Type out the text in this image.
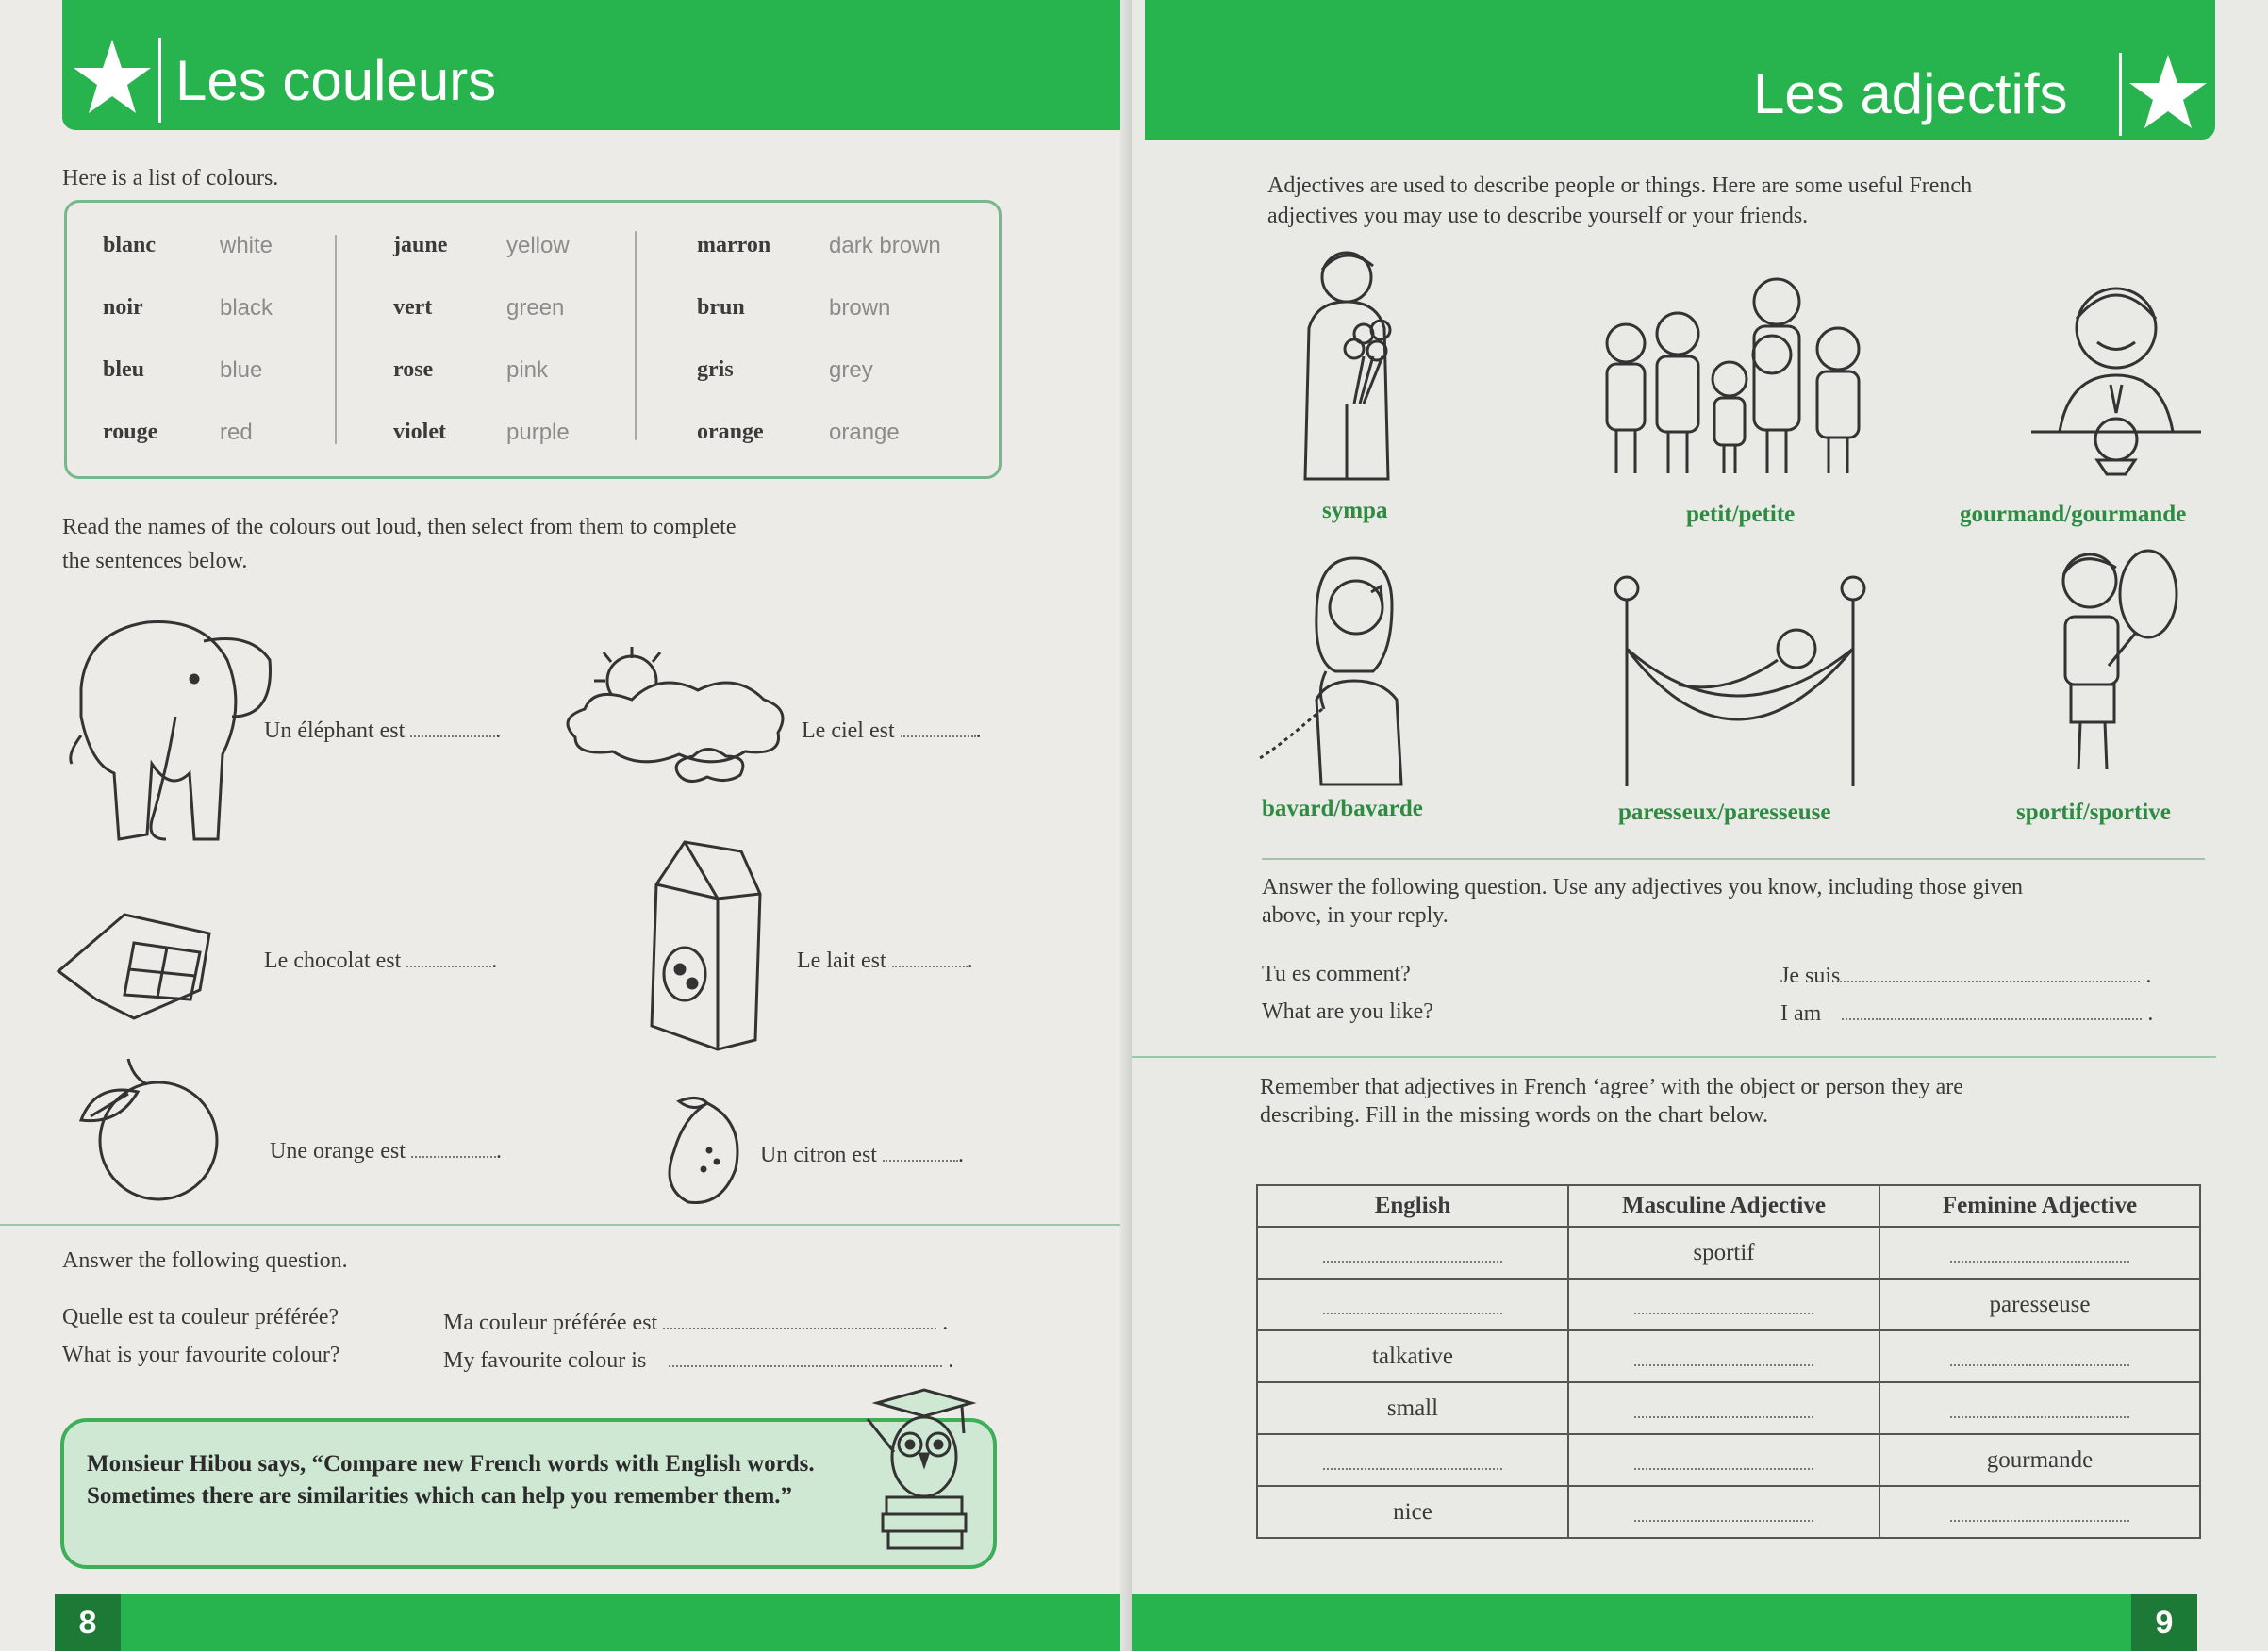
Les couleurs
Here is a list of colours.
blanc	white
noir	black
bleu	blue
rouge	red
jaune	yellow
vert	green
rose	pink
violet	purple
marron	dark brown
brun	brown
gris	grey
orange	orange
Read the names of the colours out loud, then select from them to complete
the sentences below.
Un éléphant est	.	Le ciel est	.
Le chocolat est	.	Le lait est	.
Une orange est	.	Un citron est	.
Answer the following question.
Quelle est ta couleur préférée?
What is your favourite colour?
Ma couleur préférée est	.
My favourite colour is	.
Monsieur Hibou says, “Compare new French words with English words. Sometimes there are similarities which can help you remember them.”
8
Les adjectifs
Adjectives are used to describe people or things. Here are some useful French
adjectives you may use to describe yourself or your friends.
sympa	petit/petite	gourmand/gourmande
bavard/bavarde	paresseux/paresseuse	sportif/sportive
Answer the following question. Use any adjectives you know, including those given
above, in your reply.
Tu es comment?
What are you like?
Je suis	.
I am	.
Remember that adjectives in French ‘agree’ with the object or person they are
describing. Fill in the missing words on the chart below.
English	Masculine Adjective	Feminine Adjective
	sportif	
		paresseuse
talkative		
small		
		gourmande
nice		
9
